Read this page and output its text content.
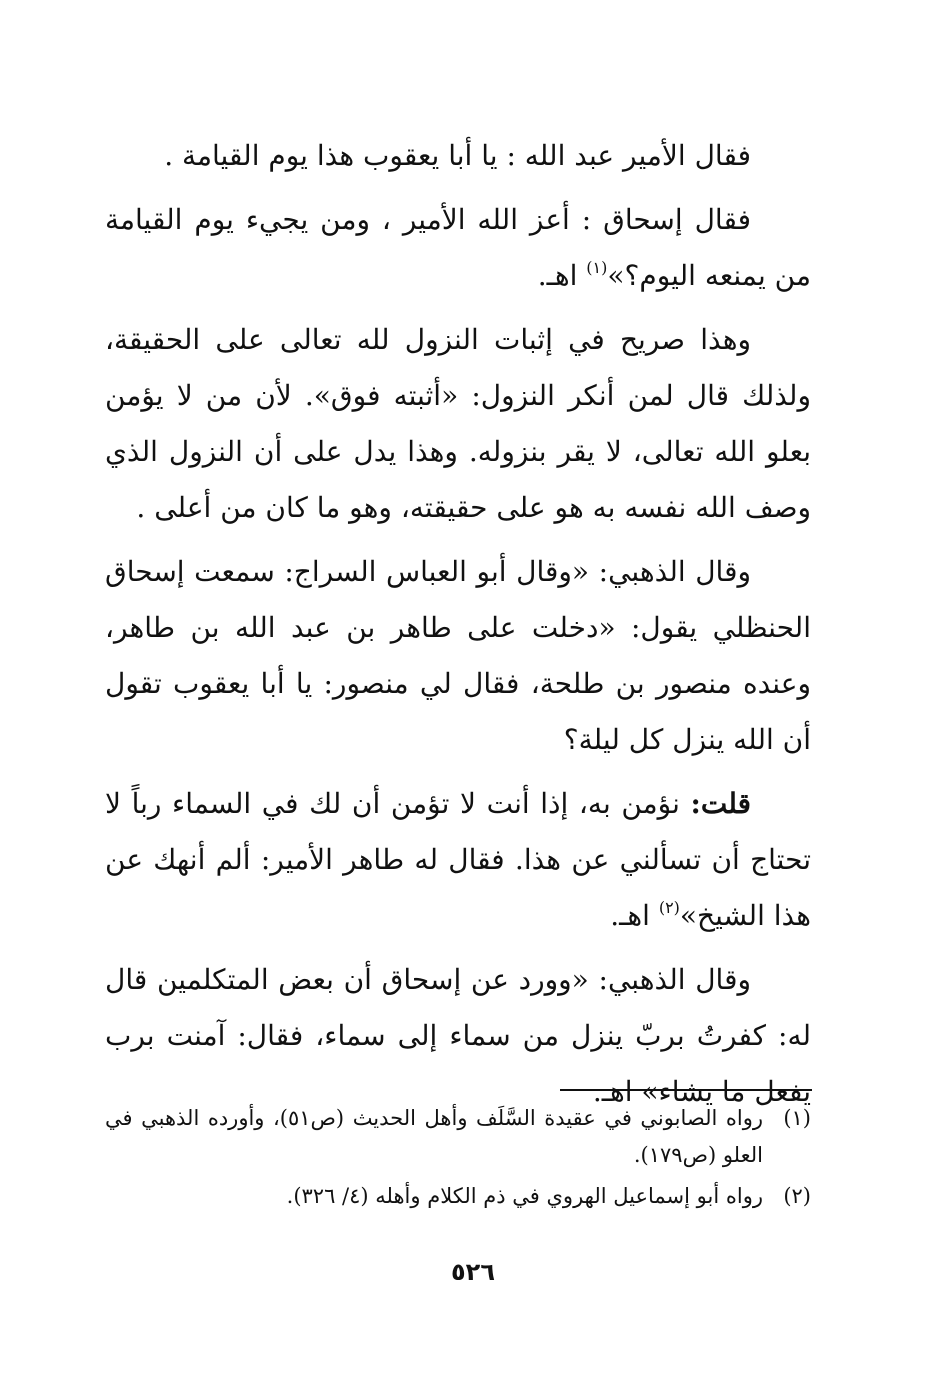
فقال الأمير عبد الله : يا أبا يعقوب هذا يوم القيامة .

فقال إسحاق : أعز الله الأمير ، ومن يجيء يوم القيامة من يمنعه اليوم؟»$^{(١)}$ اهـ.

وهذا صريح في إثبات النزول لله تعالى على الحقيقة، ولذلك قال لمن أنكر النزول: «أثبته فوق». لأن من لا يؤمن بعلو الله تعالى، لا يقر بنزوله. وهذا يدل على أن النزول الذي وصف الله نفسه به هو على حقيقته، وهو ما كان من أعلى .

وقال الذهبي: «وقال أبو العباس السراج: سمعت إسحاق الحنظلي يقول: «دخلت على طاهر بن عبد الله بن طاهر، وعنده منصور بن طلحة، فقال لي منصور: يا أبا يعقوب تقول أن الله ينزل كل ليلة؟

قلت: نؤمن به، إذا أنت لا تؤمن أن لك في السماء رباً لا تحتاج أن تسألني عن هذا. فقال له طاهر الأمير: ألم أنهك عن هذا الشيخ»$^{(٢)}$ اهـ.

وقال الذهبي: «وورد عن إسحاق أن بعض المتكلمين قال له: كفرتُ بربّ ينزل من سماء إلى سماء، فقال: آمنت برب يفعل ما يشاء» اهـ.

(١)رواه الصابوني في عقيدة السَّلَف وأهل الحديث (ص٥١)، وأورده الذهبي في العلو (ص١٧٩).

(٢)رواه أبو إسماعيل الهروي في ذم الكلام وأهله (٤/ ٣٢٦).

٥٢٦
